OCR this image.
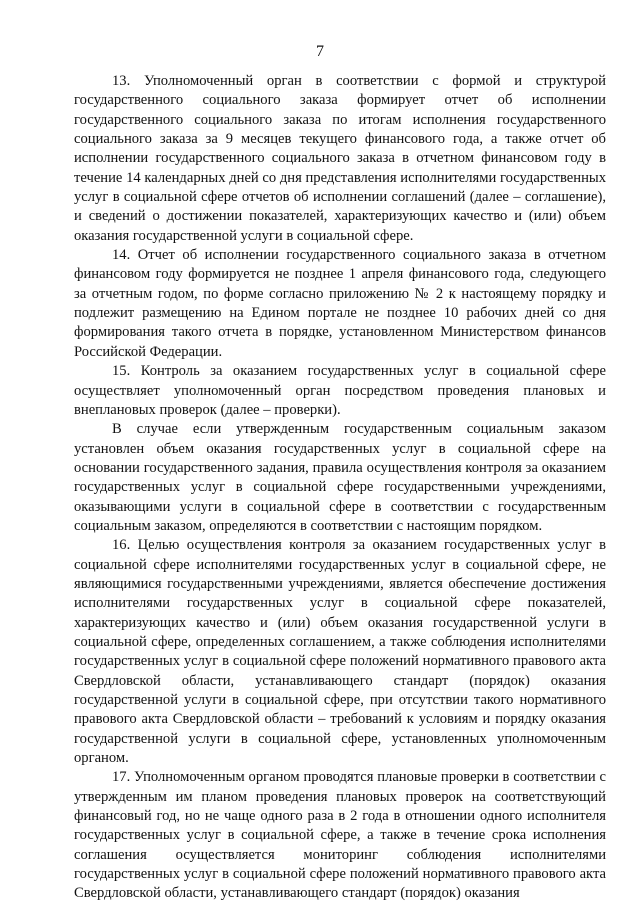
7

13. Уполномоченный орган в соответствии с формой и структурой государственного социального заказа формирует отчет об исполнении государственного социального заказа по итогам исполнения государственного социального заказа за 9 месяцев текущего финансового года, а также отчет об исполнении государственного социального заказа в отчетном финансовом году в течение 14 календарных дней со дня представления исполнителями государственных услуг в социальной сфере отчетов об исполнении соглашений (далее – соглашение), и сведений о достижении показателей, характеризующих качество и (или) объем оказания государственной услуги в социальной сфере.

14. Отчет об исполнении государственного социального заказа в отчетном финансовом году формируется не позднее 1 апреля финансового года, следующего за отчетным годом, по форме согласно приложению № 2 к настоящему порядку и подлежит размещению на Едином портале не позднее 10 рабочих дней со дня формирования такого отчета в порядке, установленном Министерством финансов Российской Федерации.

15. Контроль за оказанием государственных услуг в социальной сфере осуществляет уполномоченный орган посредством проведения плановых и внеплановых проверок (далее – проверки).

В случае если утвержденным государственным социальным заказом установлен объем оказания государственных услуг в социальной сфере на основании государственного задания, правила осуществления контроля за оказанием государственных услуг в социальной сфере государственными учреждениями, оказывающими услуги в социальной сфере в соответствии с государственным социальным заказом, определяются в соответствии с настоящим порядком.

16. Целью осуществления контроля за оказанием государственных услуг в социальной сфере исполнителями государственных услуг в социальной сфере, не являющимися государственными учреждениями, является обеспечение достижения исполнителями государственных услуг в социальной сфере показателей, характеризующих качество и (или) объем оказания государственной услуги в социальной сфере, определенных соглашением, а также соблюдения исполнителями государственных услуг в социальной сфере положений нормативного правового акта Свердловской области, устанавливающего стандарт (порядок) оказания государственной услуги в социальной сфере, при отсутствии такого нормативного правового акта Свердловской области – требований к условиям и порядку оказания государственной услуги в социальной сфере, установленных уполномоченным органом.

17. Уполномоченным органом проводятся плановые проверки в соответствии с утвержденным им планом проведения плановых проверок на соответствующий финансовый год, но не чаще одного раза в 2 года в отношении одного исполнителя государственных услуг в социальной сфере, а также в течение срока исполнения соглашения осуществляется мониторинг соблюдения исполнителями государственных услуг в социальной сфере положений нормативного правового акта Свердловской области, устанавливающего стандарт (порядок) оказания
